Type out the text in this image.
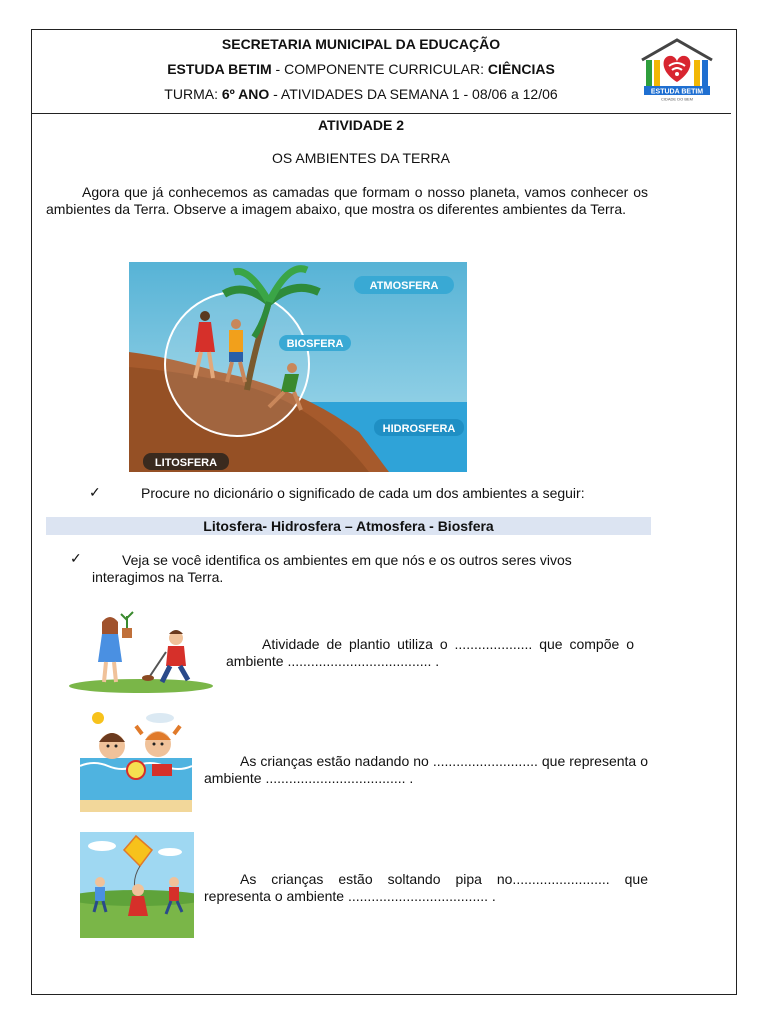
SECRETARIA MUNICIPAL DA EDUCAÇÃO
ESTUDA BETIM - COMPONENTE CURRICULAR: CIÊNCIAS
TURMA: 6º ANO - ATIVIDADES DA SEMANA 1 - 08/06 a 12/06	ESTUDA BETIM
CIDADE DO BEM
ATIVIDADE 2
OS AMBIENTES DA TERRA
Agora que já conhecemos as camadas que formam o nosso planeta, vamos conhecer os ambientes da Terra. Observe a imagem abaixo, que mostra os diferentes ambientes da Terra.
ATMOSFERA
BIOSFERA
HIDROSFERA
LITOSFERA
✓	Procure no dicionário o significado de cada um dos ambientes a seguir:
Litosfera- Hidrosfera – Atmosfera - Biosfera
✓	Veja se você identifica os ambientes em que nós e os outros seres vivos interagimos na Terra.
Atividade de plantio utiliza o .................... que compõe o ambiente ..................................... .
As crianças estão nadando no ........................... que representa o ambiente .................................... .
As crianças estão soltando pipa no......................... que representa o ambiente .................................... .
